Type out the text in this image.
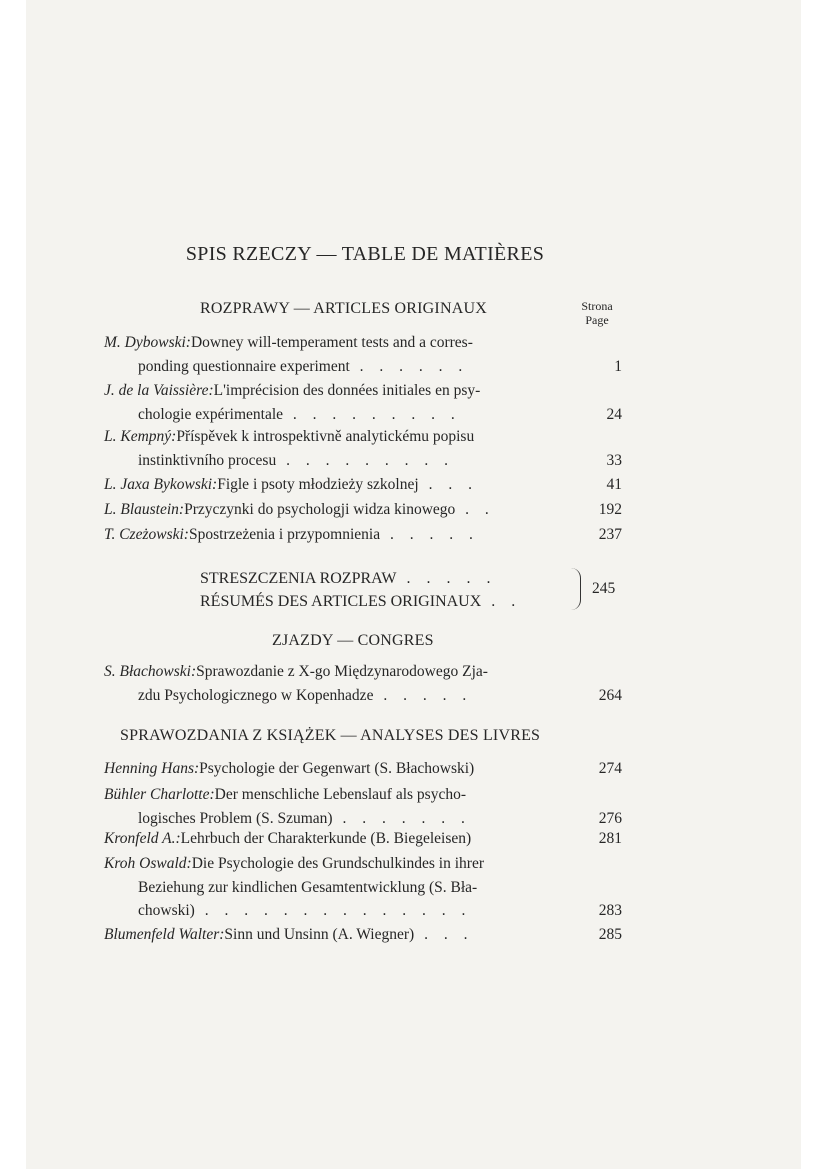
SPIS RZECZY — TABLE DE MATIÈRES
ROZPRAWY — ARTICLES ORIGINAUX	Strona
Page
M. Dybowski: Downey will-temperament tests and a corres-
ponding questionnaire experiment . . . . . .	1
J. de la Vaissière: L'imprécision des données initiales en psy-
chologie expérimentale . . . . . . . . .	24
L. Kempný: Příspěvek k introspektivně analytickému popisu
instinktivního procesu . . . . . . . . .	33
L. Jaxa Bykowski: Figle i psoty młodzieży szkolnej . . .	41
L. Blaustein: Przyczynki do psychologji widza kinowego . .	192
T. Czeżowski: Spostrzeżenia i przypomnienia . . . . .	237
STRESZCZENIA ROZPRAW . . . . .
RÉSUMÉS DES ARTICLES ORIGINAUX . .
245
ZJAZDY — CONGRES
S. Błachowski: Sprawozdanie z X-go Międzynarodowego Zja-
zdu Psychologicznego w Kopenhadze . . . . .	264
SPRAWOZDANIA Z KSIĄŻEK — ANALYSES DES LIVRES
Henning Hans: Psychologie der Gegenwart (S. Błachowski)	274
Bühler Charlotte: Der menschliche Lebenslauf als psycho-
logisches Problem (S. Szuman) . . . . . . .	276
Kronfeld A.: Lehrbuch der Charakterkunde (B. Biegeleisen)	281
Kroh Oswald: Die Psychologie des Grundschulkindes in ihrer
Beziehung zur kindlichen Gesamtentwicklung (S. Bła-
chowski) . . . . . . . . . . . . . .	283
Blumenfeld Walter: Sinn und Unsinn (A. Wiegner) . . .	285
